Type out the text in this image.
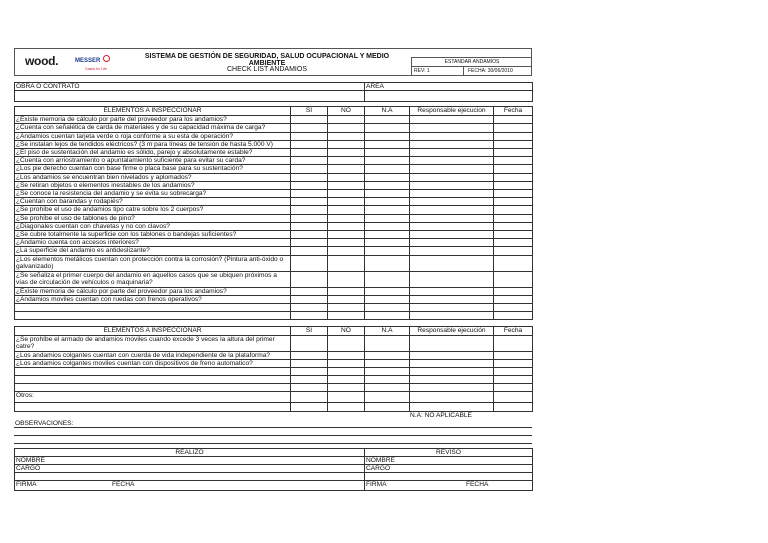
wood.	MESSER
Gases for Life
SISTEMA DE GESTIÓN DE SEGURIDAD, SALUD OCUPACIONAL Y MEDIO AMBIENTE
CHECK LIST ANDAMIOS
ESTANDAR ANDAMIOS
REV: 1	FECHA: 30/06/2010
OBRA O CONTRATO	AREA

ELEMENTOS A INSPECCIONAR	SI	NO	N.A	Responsable ejecucion	Fecha
¿Existe memoria de cálculo por parte del proveedor para los andamios?					
¿Cuenta con señalética de carda de materiales y de su capacidad máxima de carga?					
¿Andamios cuentan tarjeta verde o roja conforme a su esta de operación?					
¿Se instalan lejos de tendidos eléctricos? (3 m para líneas de tensión de hasta 5.000 V)					
¿El piso de sustentación del andamio es sólido, parejo y absolutamente estable?					
¿Cuenta con arriostramiento o apuntalamiento suficiente para evitar su carda?					
¿Los pie derecho cuentan con base firme o placa base para su sustentación?					
¿Los andamios se encuentran bien nivelados y aplomados?					
¿Se retiran objetos o elementos inestables de los andamios?					
¿Se conoce la resistencia del andamio y se evita su sobrecarga?					
¿Cuentan con barandas y rodapiés?					
¿Se prohíbe el uso de andamios tipo catre sobre los 2 cuerpos?					
¿Se prohíbe el uso de tablones de pino?					
¿Diagonales cuentan con chavetas y no con clavos?					
¿Se cubre totalmente la superficie con los tablones o bandejas suficientes?					
¿Andamio cuenta con accesos interiores?					
¿La superficie del andamio es antideslizante?					
¿Los elementos metálicos cuentan con protección contra la corrosión? (Pintura anti-óxido o galvanizado)					
¿Se señaliza el primer cuerpo del andamio en aquellos casos que se ubiquen próximos a vías de circulación de vehículos o maquinaria?					
¿Existe memoria de cálculo por parte del proveedor para los andamios?					
¿Andamios moviles cuentan con ruedas con frenos operativos?					

ELEMENTOS A INSPECCIONAR	SI	NO	N.A	Responsable ejecución	Fecha
¿Se prohíbe el armado de andamios moviles cuando excede 3 veces la altura del primer catre?					
¿Los andamios colgantes cuentan con cuerda de vida independiente de la plataforma?					
¿Los andamios colgantes moviles cuentan con dispositivos de freno automatico?					

Otros:					

	N.A: NO APLICABLE
OBSERVACIONES:

REALIZO	REVISO
NOMBRE	NOMBRE
CARGO	CARGO

FIRMA FECHA	FIRMA FECHA
